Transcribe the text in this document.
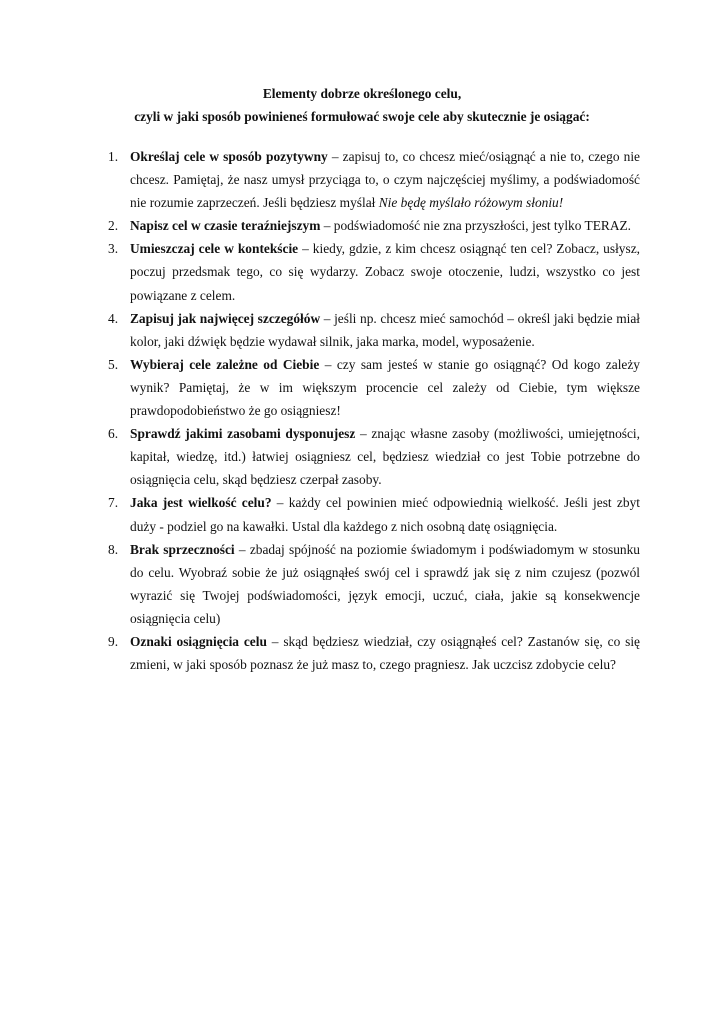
Elementy dobrze określonego celu,

czyli w jaki sposób powinieneś formułować swoje cele aby skutecznie je osiągać:

1. Określaj cele w sposób pozytywny – zapisuj to, co chcesz mieć/osiągnąć a nie to, czego nie chcesz. Pamiętaj, że nasz umysł przyciąga to, o czym najczęściej myślimy, a podświadomość nie rozumie zaprzeczeń. Jeśli będziesz myślał Nie będę myślało różowym słoniu!
2. Napisz cel w czasie teraźniejszym – podświadomość nie zna przyszłości, jest tylko TERAZ.
3. Umieszczaj cele w kontekście – kiedy, gdzie, z kim chcesz osiągnąć ten cel? Zobacz, usłysz, poczuj przedsmak tego, co się wydarzy. Zobacz swoje otoczenie, ludzi, wszystko co jest powiązane z celem.
4. Zapisuj jak najwięcej szczegółów – jeśli np. chcesz mieć samochód – określ jaki będzie miał kolor, jaki dźwięk będzie wydawał silnik, jaka marka, model, wyposażenie.
5. Wybieraj cele zależne od Ciebie – czy sam jesteś w stanie go osiągnąć? Od kogo zależy wynik? Pamiętaj, że w im większym procencie cel zależy od Ciebie, tym większe prawdopodobieństwo że go osiągniesz!
6. Sprawdź jakimi zasobami dysponujesz – znając własne zasoby (możliwości, umiejętności, kapitał, wiedzę, itd.) łatwiej osiągniesz cel, będziesz wiedział co jest Tobie potrzebne do osiągnięcia celu, skąd będziesz czerpał zasoby.
7. Jaka jest wielkość celu? – każdy cel powinien mieć odpowiednią wielkość. Jeśli jest zbyt duży - podziel go na kawałki. Ustal dla każdego z nich osobną datę osiągnięcia.
8. Brak sprzeczności – zbadaj spójność na poziomie świadomym i podświadomym w stosunku do celu. Wyobraź sobie że już osiągnąłeś swój cel i sprawdź jak się z nim czujesz (pozwól wyrazić się Twojej podświadomości, język emocji, uczuć, ciała, jakie są konsekwencje osiągnięcia celu)
9. Oznaki osiągnięcia celu – skąd będziesz wiedział, czy osiągnąłeś cel? Zastanów się, co się zmieni, w jaki sposób poznasz że już masz to, czego pragniesz. Jak uczcisz zdobycie celu?
